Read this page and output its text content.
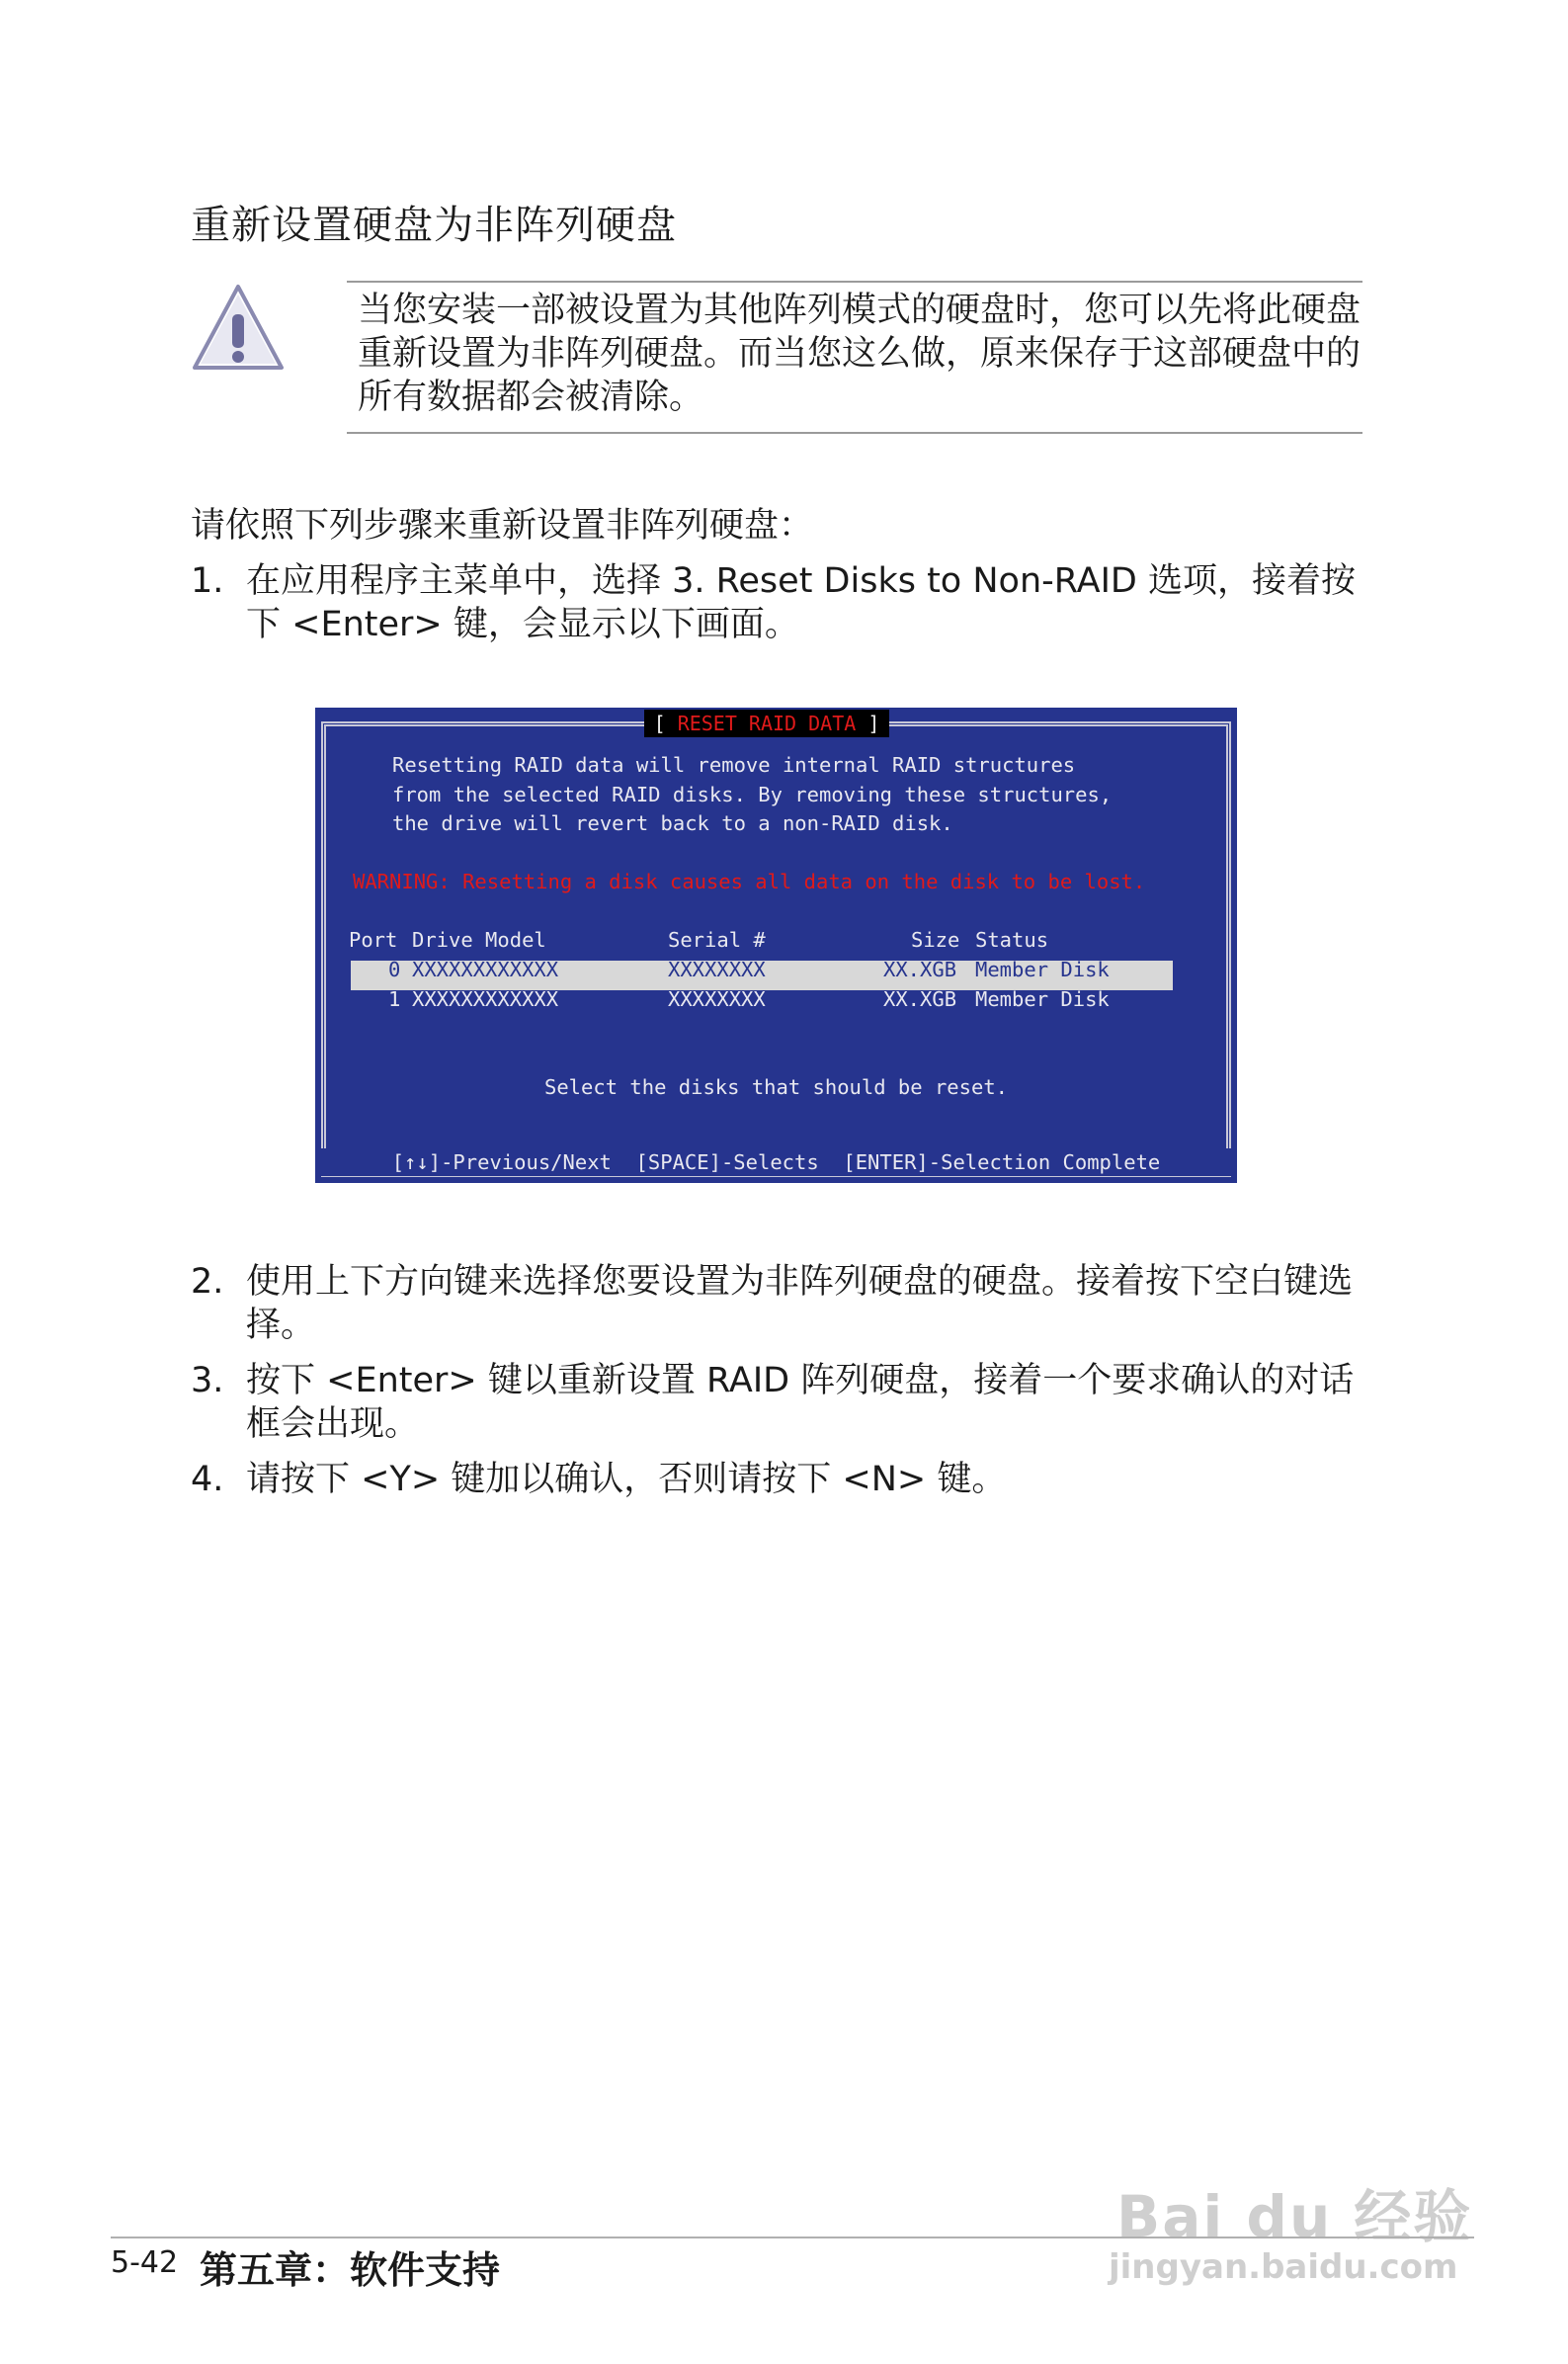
重新设置硬盘为非阵列硬盘
当您安装一部被设置为其他阵列模式的硬盘时，您可以先将此硬盘重新设置为非阵列硬盘。而当您这么做，原来保存于这部硬盘中的所有数据都会被清除。
请依照下列步骤来重新设置非阵列硬盘：
1. 在应用程序主菜单中，选择 3. Reset Disks to Non-RAID 选项，接着按下 <Enter> 键，会显示以下画面。
[ RESET RAID DATA ]
Resetting RAID data will remove internal RAID structures
from the selected RAID disks. By removing these structures,
the drive will revert back to a non-RAID disk.
WARNING: Resetting a disk causes all data on the disk to be lost.
Port Drive Model	Serial #	Size Status
0 XXXXXXXXXXXX	XXXXXXXX	XX.XGB Member Disk
1 XXXXXXXXXXXX	XXXXXXXX	XX.XGB Member Disk
Select the disks that should be reset.
[↑↓]-Previous/Next  [SPACE]-Selects  [ENTER]-Selection Complete
2. 使用上下方向键来选择您要设置为非阵列硬盘的硬盘。接着按下空白键选择。
3. 按下 <Enter> 键以重新设置 RAID 阵列硬盘，接着一个要求确认的对话框会出现。
4. 请按下 <Y> 键加以确认，否则请按下 <N> 键。
Bai du 经验
jingyan.baidu.com
5-42 第五章：软件支持
